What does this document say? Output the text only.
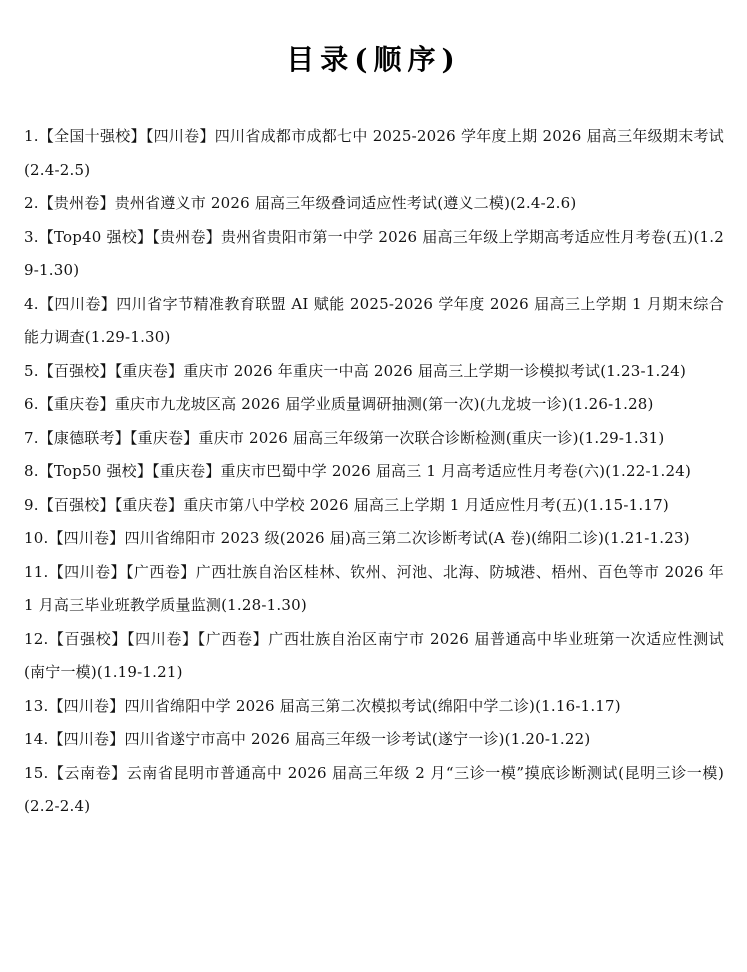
目录(顺序)
1.【全国十强校】【四川卷】四川省成都市成都七中 2025-2026 学年度上期 2026 届高三年级期末考试(2.4-2.5)
2.【贵州卷】贵州省遵义市 2026 届高三年级叠词适应性考试(遵义二模)(2.4-2.6)
3.【Top40 强校】【贵州卷】贵州省贵阳市第一中学 2026 届高三年级上学期高考适应性月考卷(五)(1.29-1.30)
4.【四川卷】四川省字节精准教育联盟 AI 赋能 2025-2026 学年度 2026 届高三上学期 1 月期末综合能力调查(1.29-1.30)
5.【百强校】【重庆卷】重庆市 2026 年重庆一中高 2026 届高三上学期一诊模拟考试(1.23-1.24)
6.【重庆卷】重庆市九龙坡区高 2026 届学业质量调研抽测(第一次)(九龙坡一诊)(1.26-1.28)
7.【康德联考】【重庆卷】重庆市 2026 届高三年级第一次联合诊断检测(重庆一诊)(1.29-1.31)
8.【Top50 强校】【重庆卷】重庆市巴蜀中学 2026 届高三 1 月高考适应性月考卷(六)(1.22-1.24)
9.【百强校】【重庆卷】重庆市第八中学校 2026 届高三上学期 1 月适应性月考(五)(1.15-1.17)
10.【四川卷】四川省绵阳市 2023 级(2026 届)高三第二次诊断考试(A 卷)(绵阳二诊)(1.21-1.23)
11.【四川卷】【广西卷】广西壮族自治区桂林、钦州、河池、北海、防城港、梧州、百色等市 2026 年 1 月高三毕业班教学质量监测(1.28-1.30)
12.【百强校】【四川卷】【广西卷】广西壮族自治区南宁市 2026 届普通高中毕业班第一次适应性测试(南宁一模)(1.19-1.21)
13.【四川卷】四川省绵阳中学 2026 届高三第二次模拟考试(绵阳中学二诊)(1.16-1.17)
14.【四川卷】四川省遂宁市高中 2026 届高三年级一诊考试(遂宁一诊)(1.20-1.22)
15.【云南卷】云南省昆明市普通高中 2026 届高三年级 2 月“三诊一模”摸底诊断测试(昆明三诊一模)(2.2-2.4)
